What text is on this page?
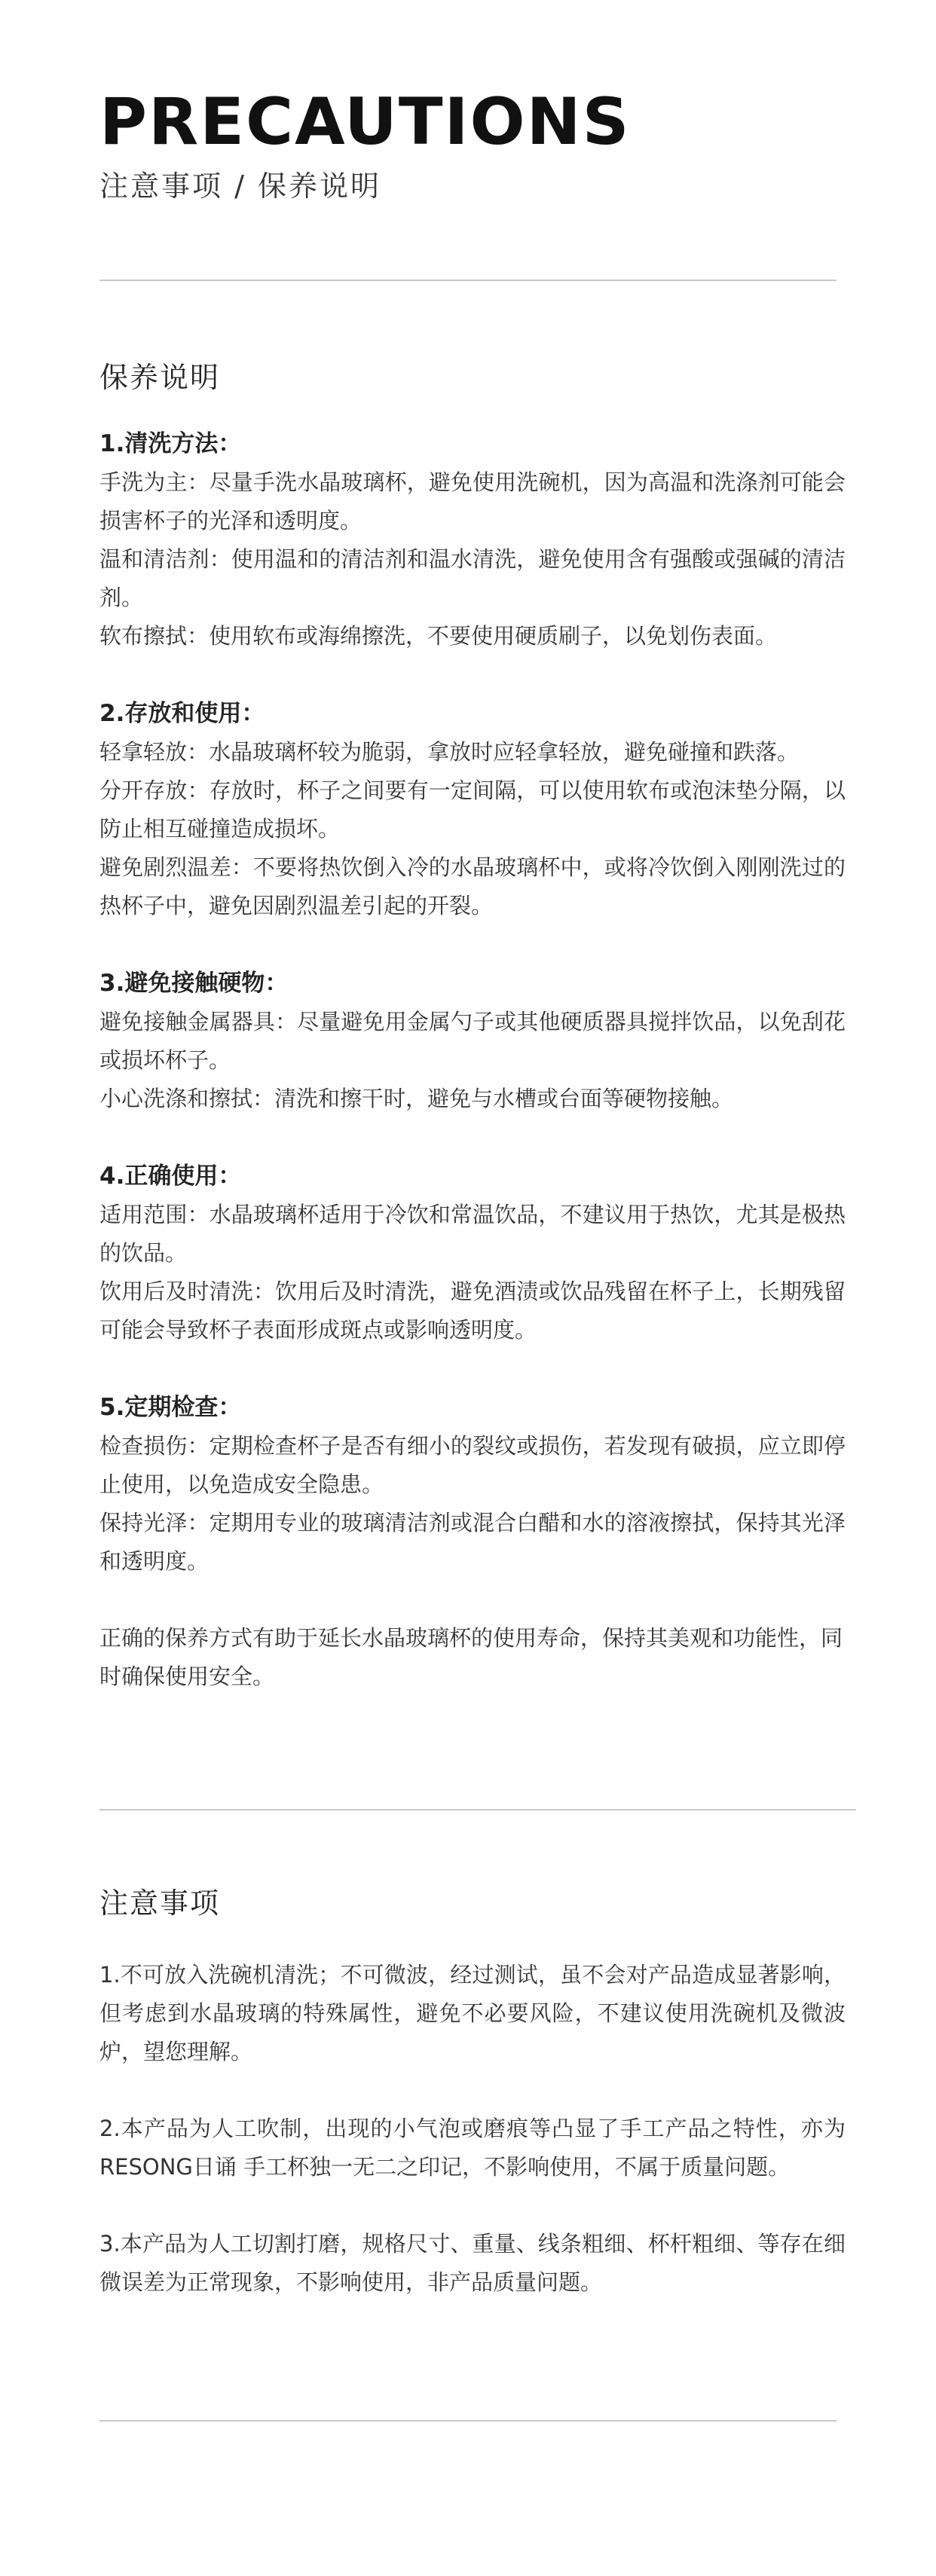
PRECAUTIONS

注意事项 / 保养说明

保养说明

1.清洗方法：

手洗为主：尽量手洗水晶玻璃杯，避免使用洗碗机，因为高温和洗涤剂可能会损害杯子的光泽和透明度。

温和清洁剂：使用温和的清洁剂和温水清洗，避免使用含有强酸或强碱的清洁剂。

软布擦拭：使用软布或海绵擦洗，不要使用硬质刷子，以免划伤表面。

2.存放和使用：

轻拿轻放：水晶玻璃杯较为脆弱，拿放时应轻拿轻放，避免碰撞和跌落。

分开存放：存放时，杯子之间要有一定间隔，可以使用软布或泡沫垫分隔，以防止相互碰撞造成损坏。

避免剧烈温差：不要将热饮倒入冷的水晶玻璃杯中，或将冷饮倒入刚刚洗过的热杯子中，避免因剧烈温差引起的开裂。

3.避免接触硬物：

避免接触金属器具：尽量避免用金属勺子或其他硬质器具搅拌饮品，以免刮花或损坏杯子。

小心洗涤和擦拭：清洗和擦干时，避免与水槽或台面等硬物接触。

4.正确使用：

适用范围：水晶玻璃杯适用于冷饮和常温饮品，不建议用于热饮，尤其是极热的饮品。

饮用后及时清洗：饮用后及时清洗，避免酒渍或饮品残留在杯子上，长期残留可能会导致杯子表面形成斑点或影响透明度。

5.定期检查：

检查损伤：定期检查杯子是否有细小的裂纹或损伤，若发现有破损，应立即停止使用，以免造成安全隐患。

保持光泽：定期用专业的玻璃清洁剂或混合白醋和水的溶液擦拭，保持其光泽和透明度。

正确的保养方式有助于延长水晶玻璃杯的使用寿命，保持其美观和功能性，同时确保使用安全。

注意事项

1.不可放入洗碗机清洗；不可微波，经过测试，虽不会对产品造成显著影响，但考虑到水晶玻璃的特殊属性，避免不必要风险，不建议使用洗碗机及微波炉，望您理解。

2.本产品为人工吹制，出现的小气泡或磨痕等凸显了手工产品之特性，亦为RESONG日诵 手工杯独一无二之印记，不影响使用，不属于质量问题。

3.本产品为人工切割打磨，规格尺寸、重量、线条粗细、杯杆粗细、等存在细微误差为正常现象，不影响使用，非产品质量问题。
